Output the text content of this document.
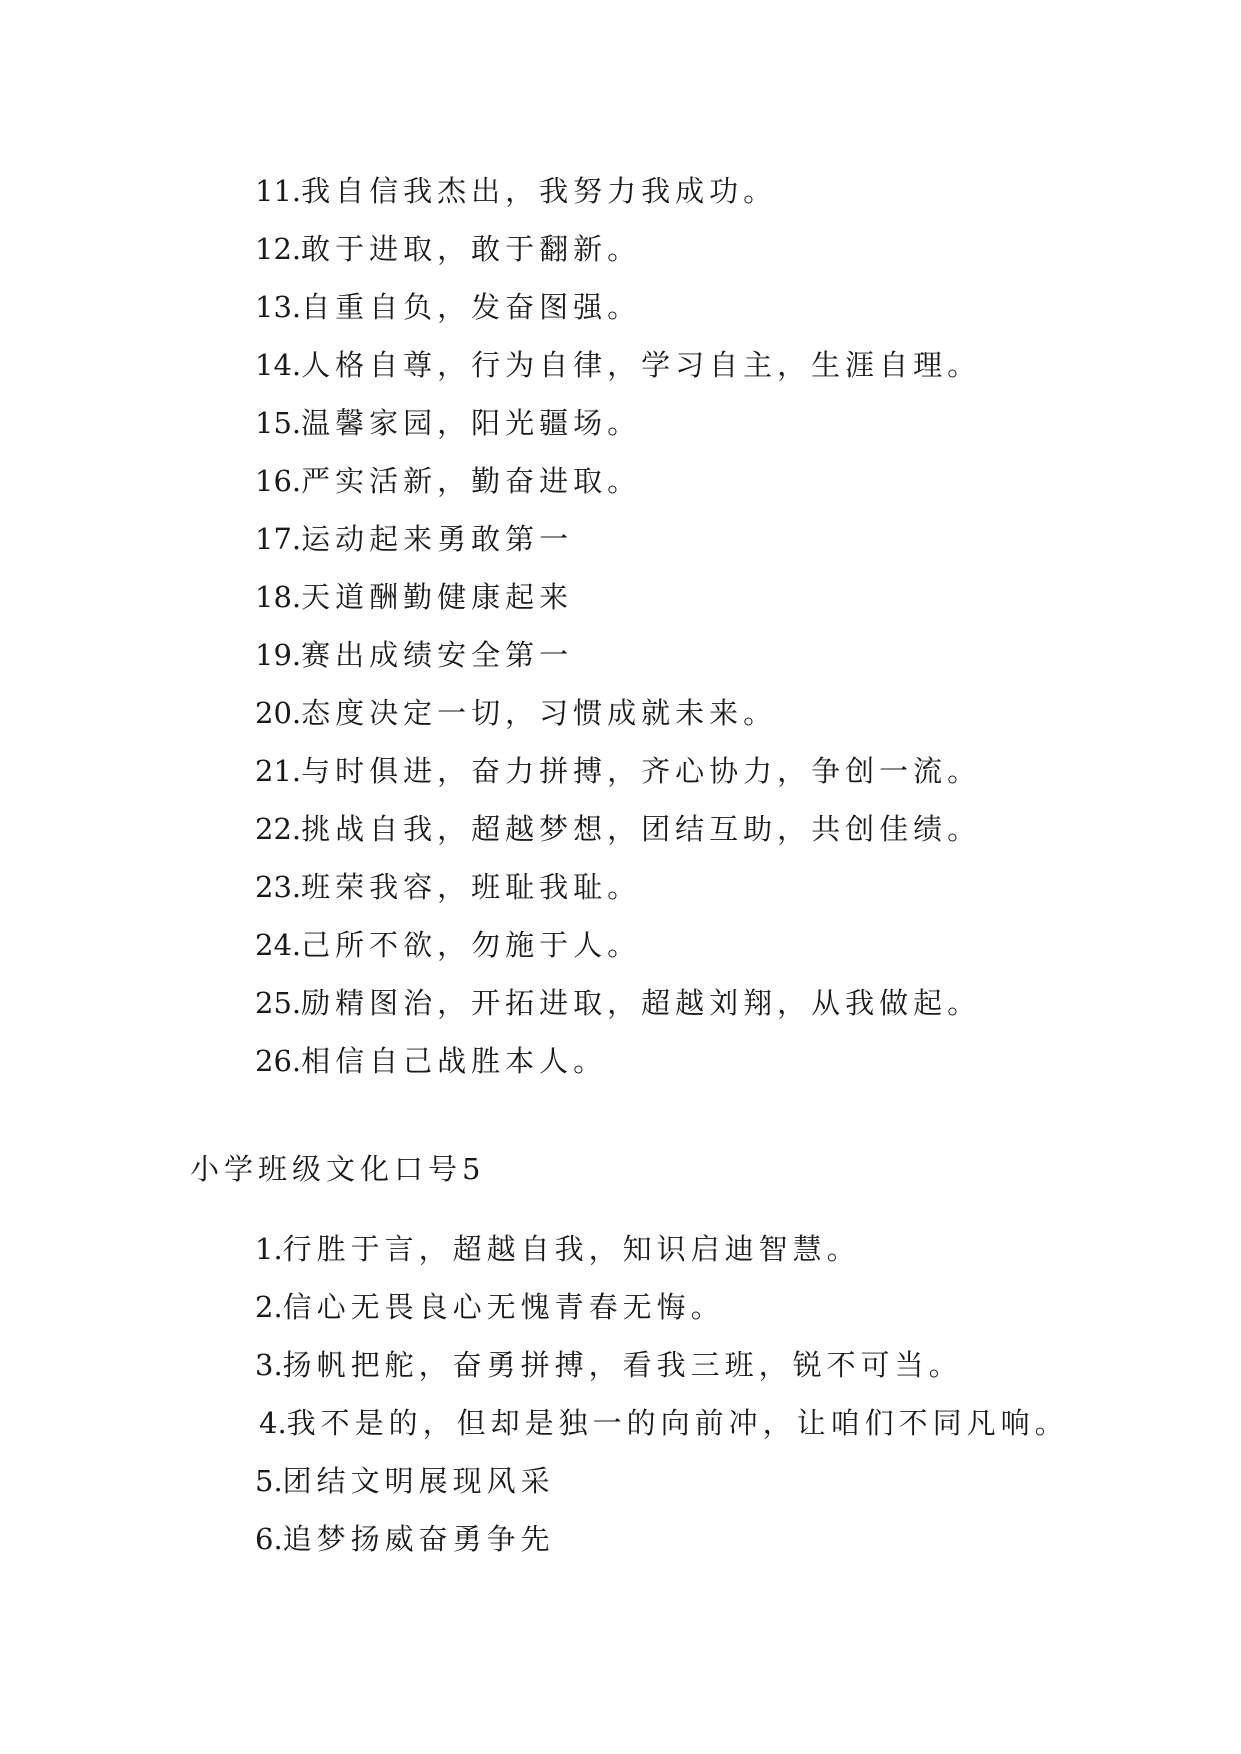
11.我自信我杰出，我努力我成功。
12.敢于进取，敢于翻新。
13.自重自负，发奋图强。
14.人格自尊，行为自律，学习自主，生涯自理。
15.温馨家园，阳光疆场。
16.严实活新，勤奋进取。
17.运动起来勇敢第一
18.天道酬勤健康起来
19.赛出成绩安全第一
20.态度决定一切，习惯成就未来。
21.与时俱进，奋力拼搏，齐心协力，争创一流。
22.挑战自我，超越梦想，团结互助，共创佳绩。
23.班荣我容，班耻我耻。
24.己所不欲，勿施于人。
25.励精图治，开拓进取，超越刘翔，从我做起。
26.相信自己战胜本人。
小学班级文化口号5
1.行胜于言，超越自我，知识启迪智慧。
2.信心无畏良心无愧青春无悔。
3.扬帆把舵，奋勇拼搏，看我三班，锐不可当。
4.我不是的，但却是独一的向前冲，让咱们不同凡响。
5.团结文明展现风采
6.追梦扬威奋勇争先
